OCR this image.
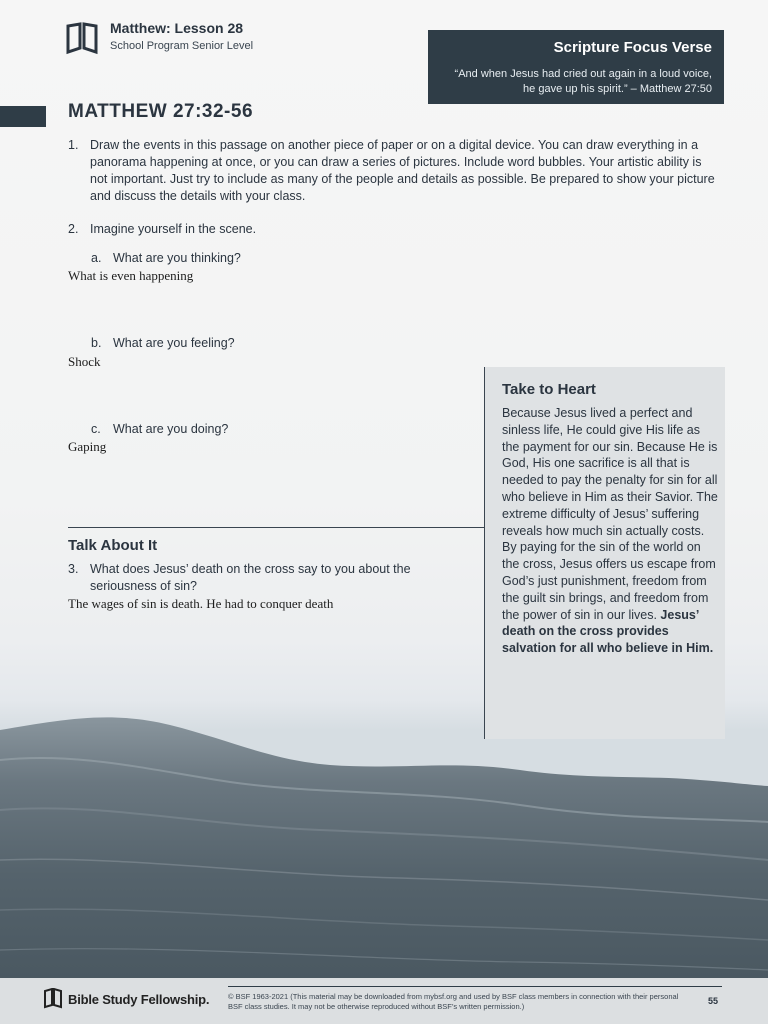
Matthew: Lesson 28
School Program Senior Level	Scripture Focus Verse
“And when Jesus had cried out again in a loud voice, he gave up his spirit.” – Matthew 27:50
MATTHEW 27:32-56
1. Draw the events in this passage on another piece of paper or on a digital device. You can draw everything in a panorama happening at once, or you can draw a series of pictures. Include word bubbles. Your artistic ability is not important. Just try to include as many of the people and details as possible. Be prepared to show your picture and discuss the details with your class.
2. Imagine yourself in the scene.
a. What are you thinking?
What is even happening
b. What are you feeling?
Shock
c. What are you doing?
Gaping
Talk About It
3. What does Jesus’ death on the cross say to you about the seriousness of sin?
The wages of sin is death. He had to conquer death
Take to Heart
Because Jesus lived a perfect and sinless life, He could give His life as the payment for our sin. Because He is God, His one sacrifice is all that is needed to pay the penalty for sin for all who believe in Him as their Savior. The extreme difficulty of Jesus’ suffering reveals how much sin actually costs. By paying for the sin of the world on the cross, Jesus offers us escape from God’s just punishment, freedom from the guilt sin brings, and freedom from the power of sin in our lives. Jesus’ death on the cross provides salvation for all who believe in Him.
Bible Study Fellowship. © BSF 1963-2021 (This material may be downloaded from mybsf.org and used by BSF class members in connection with their personal BSF class studies. It may not be otherwise reproduced without BSF’s written permission.)	55
